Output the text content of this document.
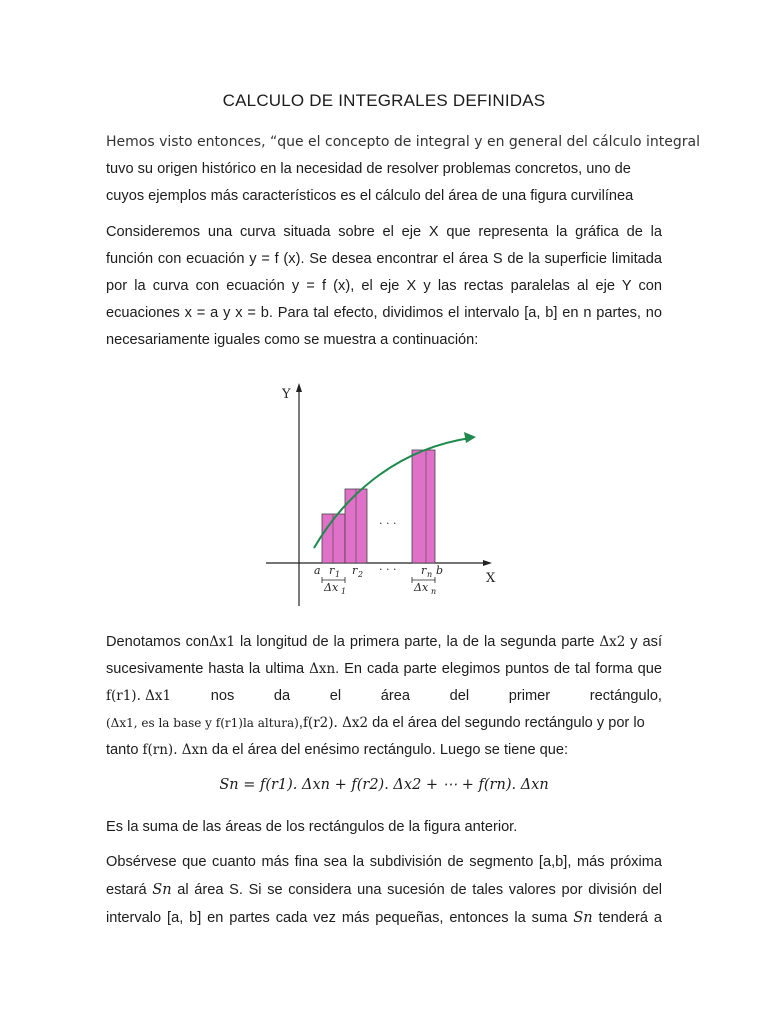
CALCULO DE INTEGRALES DEFINIDAS
Hemos visto entonces, “que el concepto de integral y en general del cálculo integral
tuvo su origen histórico en la necesidad de resolver problemas concretos, uno de
cuyos ejemplos más característicos es el cálculo del área de una figura curvilínea
Consideremos una curva situada sobre el eje X que representa la gráfica de la
función con ecuación y = f (x). Se desea encontrar el área S de la superficie limitada
por la curva con ecuación y = f (x), el eje X y las rectas paralelas al eje Y con
ecuaciones x = a y x = b. Para tal efecto, dividimos el intervalo [a, b] en n partes, no
necesariamente iguales como se muestra a continuación:
Y
X
· · ·
· · ·
a r 1 r 2	r n b
Δx 1	Δx n
Denotamos conΔx1 la longitud de la primera parte, la de la segunda parte Δx2 y así
sucesivamente hasta la ultima Δxn. En cada parte elegimos puntos de tal forma que
f(r1). Δx1	nos	da	el	área	del	primer	rectángulo,
(Δx1, es la base y f(r1)la altura),f(r2). Δx2 da el área del segundo rectángulo y por lo
tanto f(rn). Δxn da el área del enésimo rectángulo. Luego se tiene que:
Sn = f(r1). Δxn + f(r2). Δx2 + ⋯ + f(rn). Δxn
Es la suma de las áreas de los rectángulos de la figura anterior.
Obsérvese que cuanto más fina sea la subdivisión de segmento [a,b], más próxima
estará Sn al área S. Si se considera una sucesión de tales valores por división del
intervalo [a, b] en partes cada vez más pequeñas, entonces la suma Sn tenderá a
